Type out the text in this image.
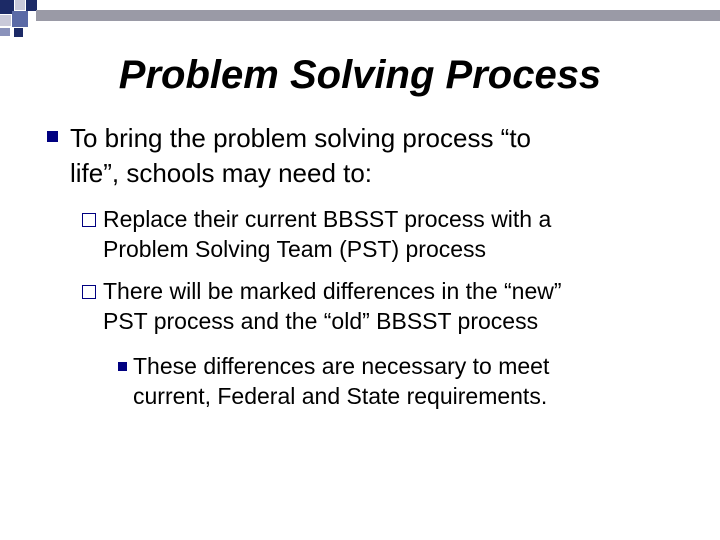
Problem Solving Process
To bring the problem solving process “to
life”, schools may need to:
Replace their current BBSST process with a
Problem Solving Team (PST) process
There will be marked differences in the “new”
PST process and the “old” BBSST process
These differences are necessary to meet
current, Federal and State requirements.
